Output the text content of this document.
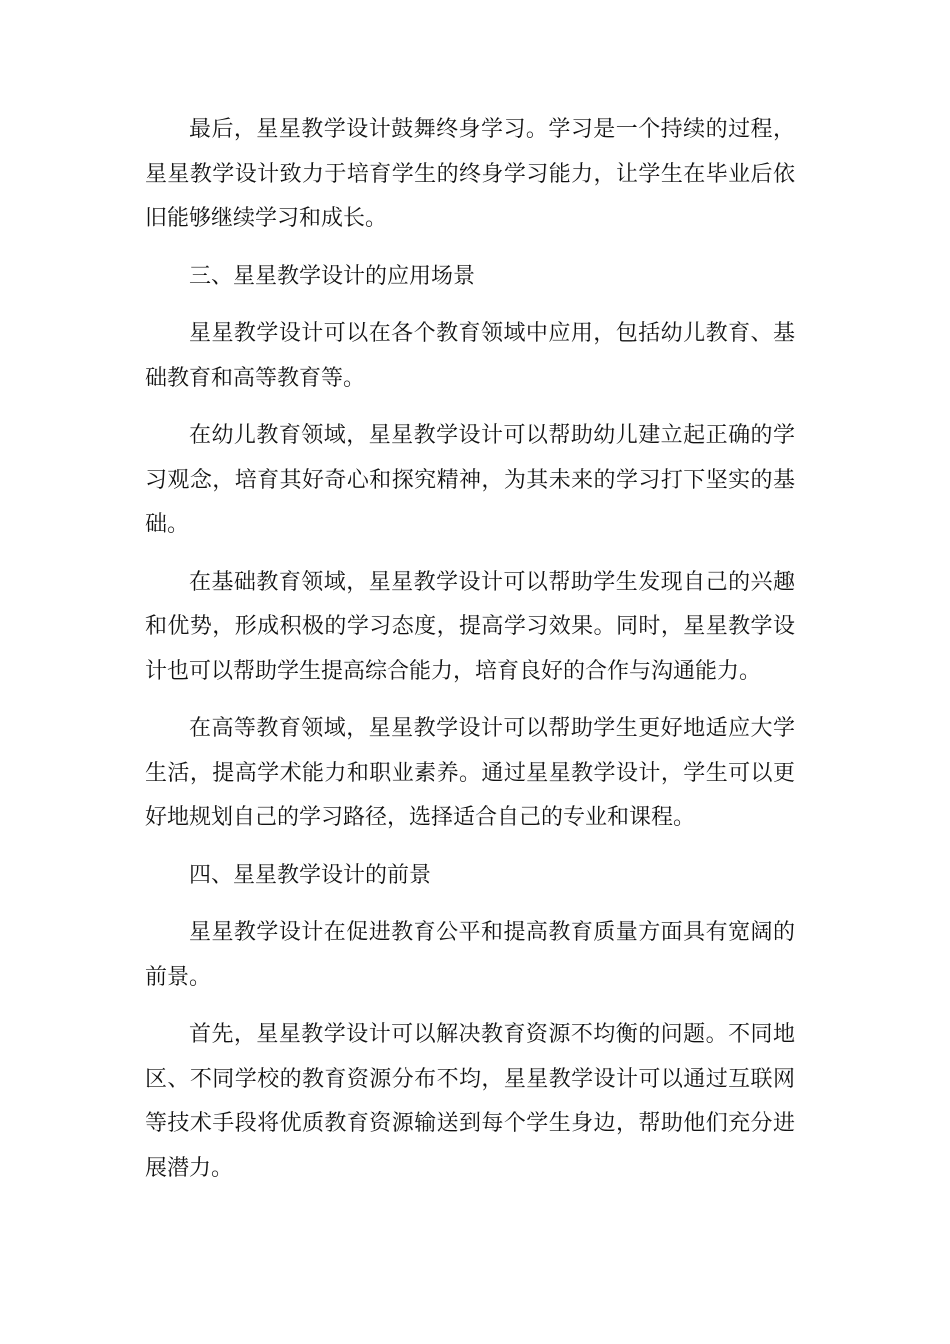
最后，星星教学设计鼓舞终身学习。学习是一个持续的过程，星星教学设计致力于培育学生的终身学习能力，让学生在毕业后依旧能够继续学习和成长。

三、星星教学设计的应用场景

星星教学设计可以在各个教育领域中应用，包括幼儿教育、基础教育和高等教育等。

在幼儿教育领域，星星教学设计可以帮助幼儿建立起正确的学习观念，培育其好奇心和探究精神，为其未来的学习打下坚实的基础。

在基础教育领域，星星教学设计可以帮助学生发现自己的兴趣和优势，形成积极的学习态度，提高学习效果。同时，星星教学设计也可以帮助学生提高综合能力，培育良好的合作与沟通能力。

在高等教育领域，星星教学设计可以帮助学生更好地适应大学生活，提高学术能力和职业素养。通过星星教学设计，学生可以更好地规划自己的学习路径，选择适合自己的专业和课程。

四、星星教学设计的前景

星星教学设计在促进教育公平和提高教育质量方面具有宽阔的前景。

首先，星星教学设计可以解决教育资源不均衡的问题。不同地区、不同学校的教育资源分布不均，星星教学设计可以通过互联网等技术手段将优质教育资源输送到每个学生身边，帮助他们充分进展潜力。
